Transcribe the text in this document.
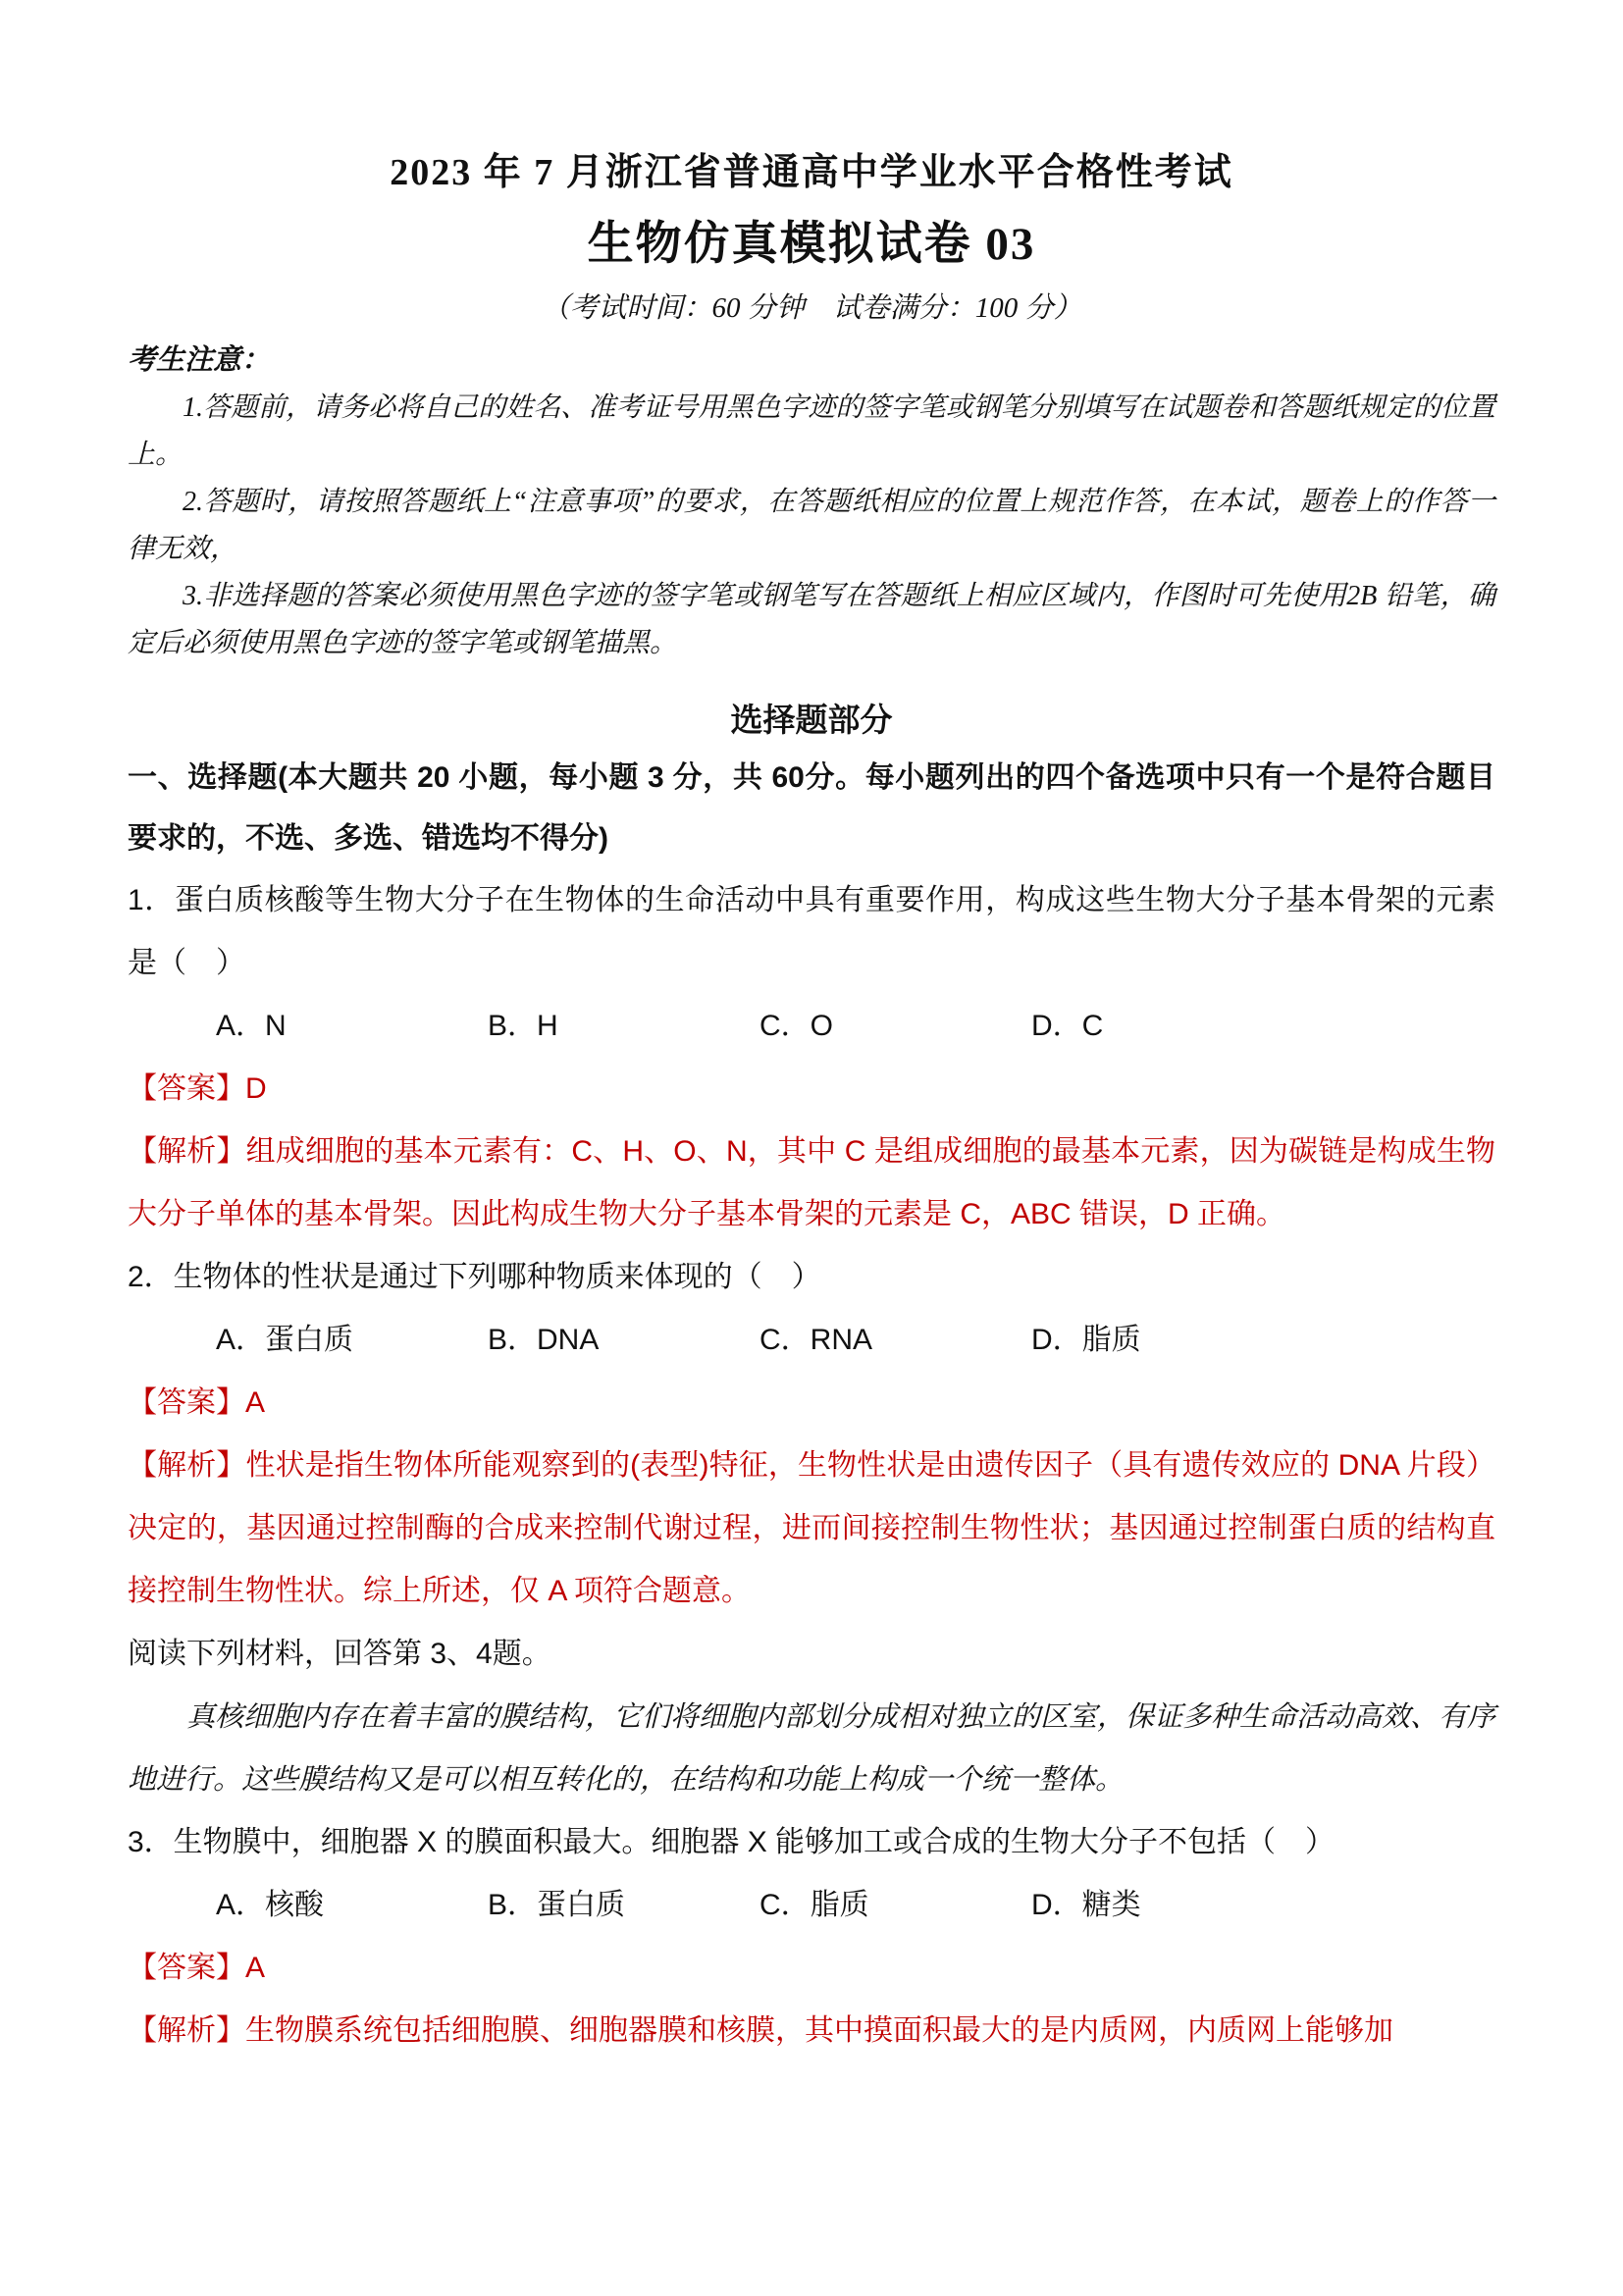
2023 年 7 月浙江省普通高中学业水平合格性考试

生物仿真模拟试卷 03

（考试时间：60 分钟　试卷满分：100 分）

考生注意：

1.答题前，请务必将自己的姓名、准考证号用黑色字迹的签字笔或钢笔分别填写在试题卷和答题纸规定的位置上。

2.答题时，请按照答题纸上“注意事项”的要求，在答题纸相应的位置上规范作答，在本试，题卷上的作答一律无效，

3.非选择题的答案必须使用黑色字迹的签字笔或钢笔写在答题纸上相应区域内，作图时可先使用2B 铅笔，确定后必须使用黑色字迹的签字笔或钢笔描黑。

选择题部分

一、选择题(本大题共 20 小题，每小题 3 分，共 60分。每小题列出的四个备选项中只有一个是符合题目要求的，不选、多选、错选均不得分)

1．蛋白质核酸等生物大分子在生物体的生命活动中具有重要作用，构成这些生物大分子基本骨架的元素是（　）

A．N	B．H	C．O	D．C

【答案】D

【解析】组成细胞的基本元素有：C、H、O、N，其中 C 是组成细胞的最基本元素，因为碳链是构成生物大分子单体的基本骨架。因此构成生物大分子基本骨架的元素是 C，ABC 错误，D 正确。

2．生物体的性状是通过下列哪种物质来体现的（　）

A．蛋白质	B．DNA	C．RNA	D．脂质

【答案】A

【解析】性状是指生物体所能观察到的(表型)特征，生物性状是由遗传因子（具有遗传效应的 DNA 片段）决定的，基因通过控制酶的合成来控制代谢过程，进而间接控制生物性状；基因通过控制蛋白质的结构直接控制生物性状。综上所述，仅 A 项符合题意。

阅读下列材料，回答第 3、4题。

真核细胞内存在着丰富的膜结构，它们将细胞内部划分成相对独立的区室，保证多种生命活动高效、有序地进行。这些膜结构又是可以相互转化的，在结构和功能上构成一个统一整体。

3．生物膜中，细胞器 X 的膜面积最大。细胞器 X 能够加工或合成的生物大分子不包括（　）

A．核酸	B．蛋白质	C．脂质	D．糖类

【答案】A

【解析】生物膜系统包括细胞膜、细胞器膜和核膜，其中摸面积最大的是内质网，内质网上能够加
